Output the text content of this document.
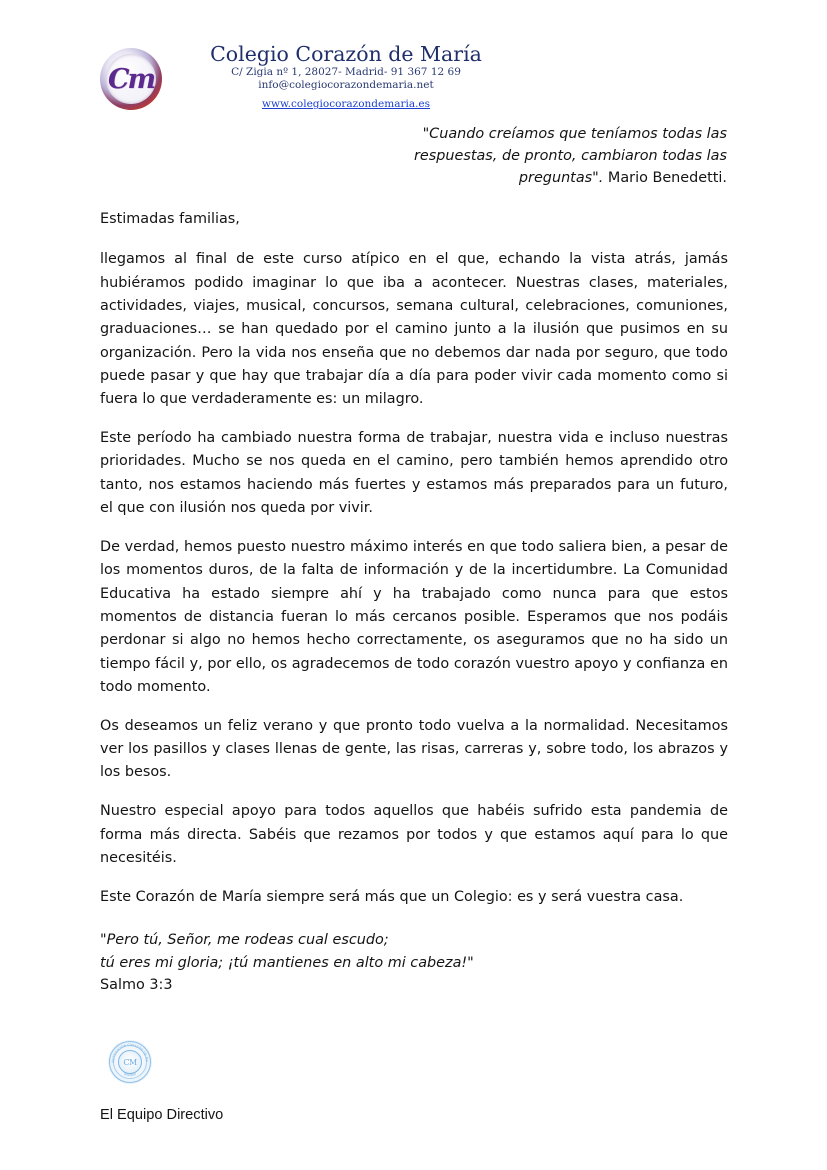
Cm
Colegio Corazón de María
C/ Zigia nº 1, 28027- Madrid- 91 367 12 69
info@colegiocorazondemaria.net
www.colegiocorazondemaria.es
"Cuando creíamos que teníamos todas las respuestas, de pronto, cambiaron todas las preguntas". Mario Benedetti.

Estimadas familias,

llegamos al final de este curso atípico en el que, echando la vista atrás, jamás hubiéramos podido imaginar lo que iba a acontecer. Nuestras clases, materiales, actividades, viajes, musical, concursos, semana cultural, celebraciones, comuniones, graduaciones… se han quedado por el camino junto a la ilusión que pusimos en su organización. Pero la vida nos enseña que no debemos dar nada por seguro, que todo puede pasar y que hay que trabajar día a día para poder vivir cada momento como si fuera lo que verdaderamente es: un milagro.

Este período ha cambiado nuestra forma de trabajar, nuestra vida e incluso nuestras prioridades. Mucho se nos queda en el camino, pero también hemos aprendido otro tanto, nos estamos haciendo más fuertes y estamos más preparados para un futuro, el que con ilusión nos queda por vivir.

De verdad, hemos puesto nuestro máximo interés en que todo saliera bien, a pesar de los momentos duros, de la falta de información y de la incertidumbre. La Comunidad Educativa ha estado siempre ahí y ha trabajado como nunca para que estos momentos de distancia fueran lo más cercanos posible. Esperamos que nos podáis perdonar si algo no hemos hecho correctamente, os aseguramos que no ha sido un tiempo fácil y, por ello, os agradecemos de todo corazón vuestro apoyo y confianza en todo momento.

Os deseamos un feliz verano y que pronto todo vuelva a la normalidad. Necesitamos ver los pasillos y clases llenas de gente, las risas, carreras y, sobre todo, los abrazos y los besos.

Nuestro especial apoyo para todos aquellos que habéis sufrido esta pandemia de forma más directa. Sabéis que rezamos por todos y que estamos aquí para lo que necesitéis.

Este Corazón de María siempre será más que un Colegio: es y será vuestra casa.

"Pero tú, Señor, me rodeas cual escudo;
tú eres mi gloria; ¡tú mantienes en alto mi cabeza!"
Salmo 3:3
NGREGACIÓN CORAZÓN DE MA
MADRID
CM
El Equipo Directivo
